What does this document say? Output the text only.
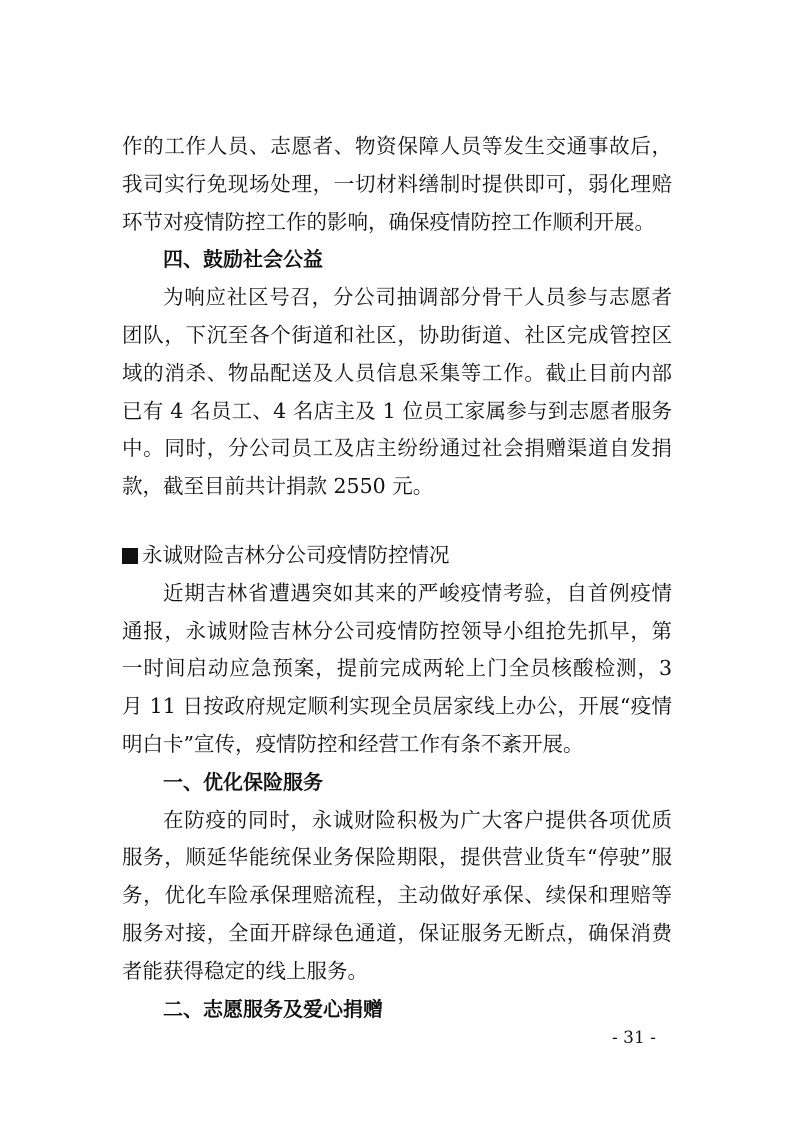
作的工作人员、志愿者、物资保障人员等发生交通事故后，我司实行免现场处理，一切材料缮制时提供即可，弱化理赔环节对疫情防控工作的影响，确保疫情防控工作顺利开展。

四、鼓励社会公益

为响应社区号召，分公司抽调部分骨干人员参与志愿者团队，下沉至各个街道和社区，协助街道、社区完成管控区域的消杀、物品配送及人员信息采集等工作。截止目前内部已有 4 名员工、4 名店主及 1 位员工家属参与到志愿者服务中。同时，分公司员工及店主纷纷通过社会捐赠渠道自发捐款，截至目前共计捐款 2550 元。

永诚财险吉林分公司疫情防控情况

近期吉林省遭遇突如其来的严峻疫情考验，自首例疫情通报，永诚财险吉林分公司疫情防控领导小组抢先抓早，第一时间启动应急预案，提前完成两轮上门全员核酸检测，3 月 11 日按政府规定顺利实现全员居家线上办公，开展“疫情明白卡”宣传，疫情防控和经营工作有条不紊开展。

一、优化保险服务

在防疫的同时，永诚财险积极为广大客户提供各项优质服务，顺延华能统保业务保险期限，提供营业货车“停驶”服务，优化车险承保理赔流程，主动做好承保、续保和理赔等服务对接，全面开辟绿色通道，保证服务无断点，确保消费者能获得稳定的线上服务。

二、志愿服务及爱心捐赠

- 31 -
